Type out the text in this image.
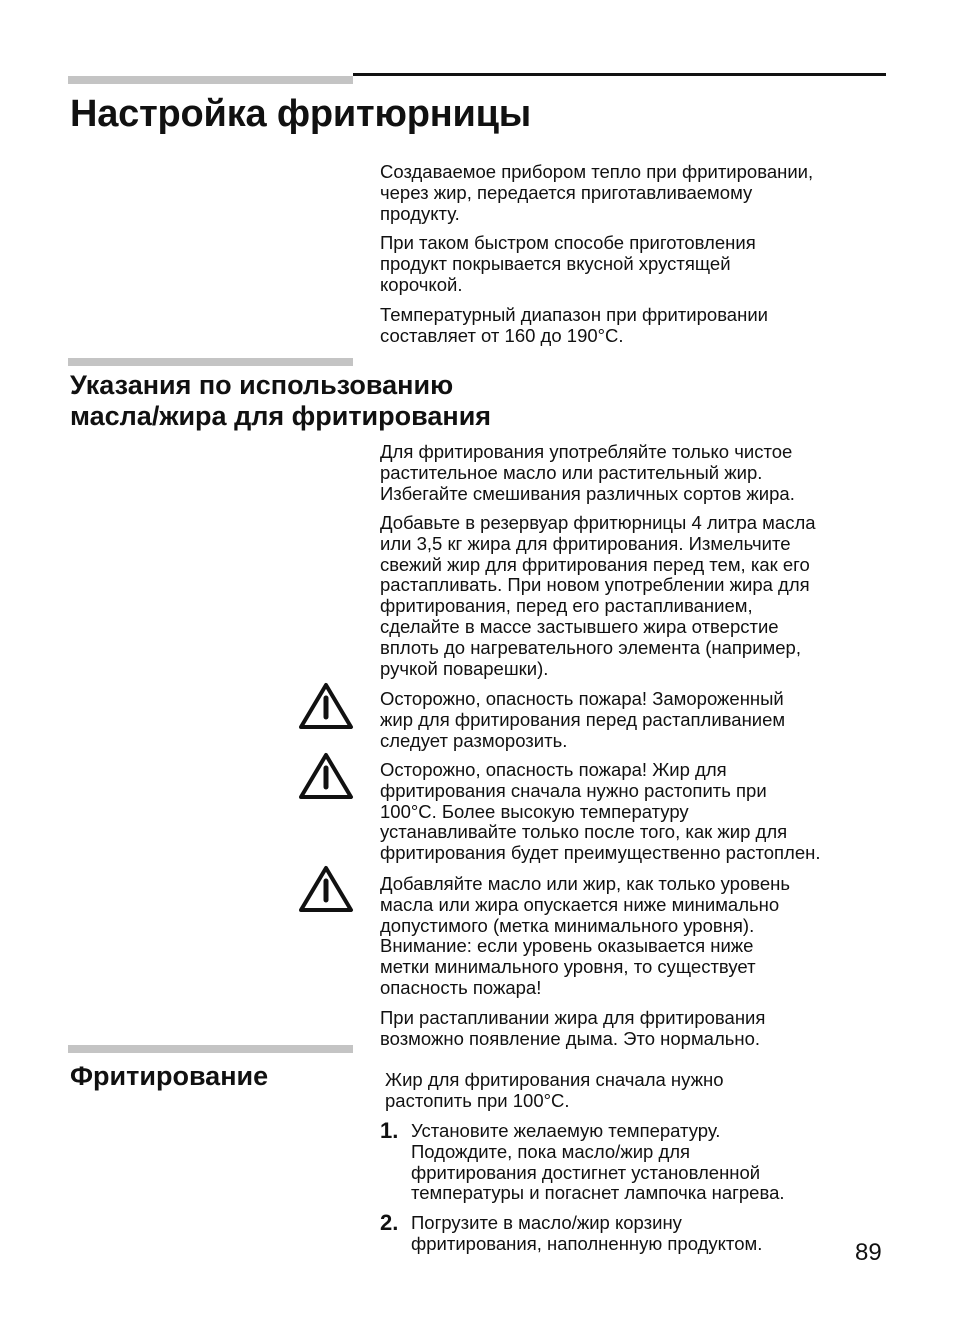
Настройка фритюрницы

Создаваемое прибором тепло при фритировании,
через жир, передается приготавливаемому
продукту.

При таком быстром способе приготовления
продукт покрывается вкусной хрустящей
корочкой.

Температурный диапазон при фритировании
составляет от 160 до 190°C.

Указания по использованию
масла/жира для фритирования

Для фритирования употребляйте только чистое
растительное масло или растительный жир.
Избегайте смешивания различных сортов жира.

Добавьте в резервуар фритюрницы 4 литра масла
или 3,5 кг жира для фритирования. Измельчите
свежий жир для фритирования перед тем, как его
растапливать. При новом употреблении жира для
фритирования, перед его растапливанием,
сделайте в массе застывшего жира отверстие
вплоть до нагревательного элемента (например,
ручкой поварешки).

Осторожно, опасность пожара! Замороженный
жир для фритирования перед растапливанием
следует разморозить.

Осторожно, опасность пожара! Жир для
фритирования сначала нужно растопить при
100°C. Более высокую температуру
устанавливайте только после того, как жир для
фритирования будет преимущественно растоплен.

Добавляйте масло или жир, как только уровень
масла или жира опускается ниже минимально
допустимого (метка минимального уровня).
Внимание: если уровень оказывается ниже
метки минимального уровня, то существует
опасность пожара!

При растапливании жира для фритирования
возможно появление дыма. Это нормально.

Фритирование	Жир для фритирования сначала нужно
растопить при 100°C.

1. Установите желаемую температуру.
Подождите, пока масло/жир для
фритирования достигнет установленной
температуры и погаснет лампочка нагрева.

2. Погрузите в масло/жир корзину
фритирования, наполненную продуктом.	89
